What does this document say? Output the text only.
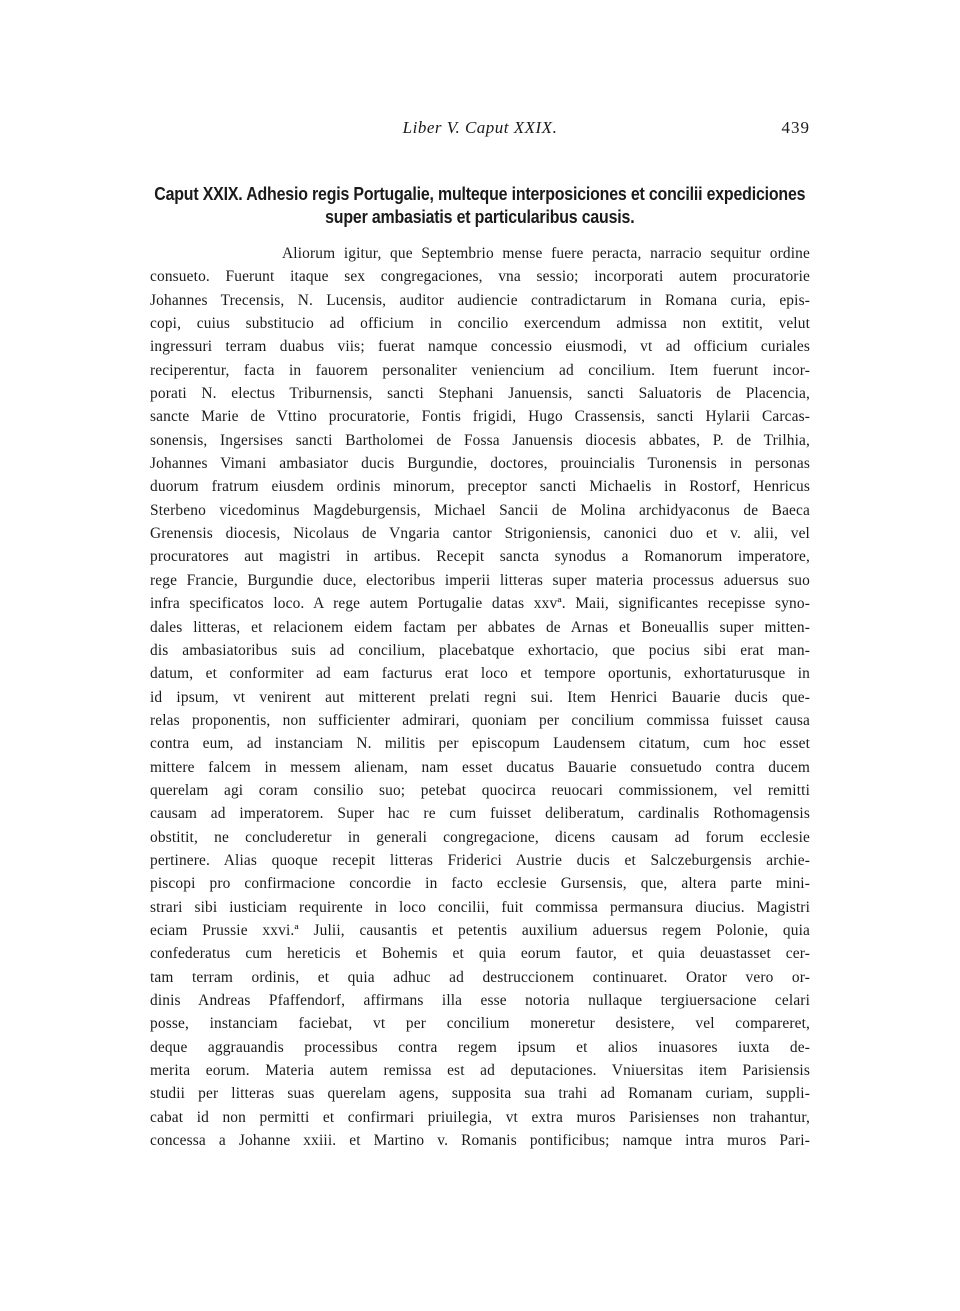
Liber V. Caput XXIX.	439
Caput XXIX. Adhesio regis Portugalie, multeque interposiciones et concilii expediciones
super ambasiatis et particularibus causis.
Aliorum igitur, que Septembrio mense fuere peracta, narracio sequitur ordine
consueto. Fuerunt itaque sex congregaciones, vna sessio; incorporati autem procuratorie
Johannes Trecensis, N. Lucensis, auditor audiencie contradictarum in Romana curia, epis-
copi, cuius substitucio ad officium in concilio exercendum admissa non extitit, velut
ingressuri terram duabus viis; fuerat namque concessio eiusmodi, vt ad officium curiales
reciperentur, facta in fauorem personaliter veniencium ad concilium. Item fuerunt incor-
porati N. electus Triburnensis, sancti Stephani Januensis, sancti Saluatoris de Placencia,
sancte Marie de Vttino procuratorie, Fontis frigidi, Hugo Crassensis, sancti Hylarii Carcas-
sonensis, Ingersises sancti Bartholomei de Fossa Januensis diocesis abbates, P. de Trilhia,
Johannes Vimani ambasiator ducis Burgundie, doctores, prouincialis Turonensis in personas
duorum fratrum eiusdem ordinis minorum, preceptor sancti Michaelis in Rostorf, Henricus
Sterbeno vicedominus Magdeburgensis, Michael Sancii de Molina archidyaconus de Baeca
Grenensis diocesis, Nicolaus de Vngaria cantor Strigoniensis, canonici duo et v. alii, vel
procuratores aut magistri in artibus. Recepit sancta synodus a Romanorum imperatore,
rege Francie, Burgundie duce, electoribus imperii litteras super materia processus aduersus suo
infra specificatos loco. A rege autem Portugalie datas xxvª. Maii, significantes recepisse syno-
dales litteras, et relacionem eidem factam per abbates de Arnas et Boneuallis super mitten-
dis ambasiatoribus suis ad concilium, placebatque exhortacio, que pocius sibi erat man-
datum, et conformiter ad eam facturus erat loco et tempore oportunis, exhortaturusque in
id ipsum, vt venirent aut mitterent prelati regni sui. Item Henrici Bauarie ducis que-
relas proponentis, non sufficienter admirari, quoniam per concilium commissa fuisset causa
contra eum, ad instanciam N. militis per episcopum Laudensem citatum, cum hoc esset
mittere falcem in messem alienam, nam esset ducatus Bauarie consuetudo contra ducem
querelam agi coram consilio suo; petebat quocirca reuocari commissionem, vel remitti
causam ad imperatorem. Super hac re cum fuisset deliberatum, cardinalis Rothomagensis
obstitit, ne concluderetur in generali congregacione, dicens causam ad forum ecclesie
pertinere. Alias quoque recepit litteras Friderici Austrie ducis et Salczeburgensis archie-
piscopi pro confirmacione concordie in facto ecclesie Gursensis, que, altera parte mini-
strari sibi iusticiam requirente in loco concilii, fuit commissa permansura diucius. Magistri
eciam Prussie xxvi.ª Julii, causantis et petentis auxilium aduersus regem Polonie, quia
confederatus cum hereticis et Bohemis et quia eorum fautor, et quia deuastasset cer-
tam terram ordinis, et quia adhuc ad destruccionem continuaret. Orator vero or-
dinis Andreas Pfaffendorf, affirmans illa esse notoria nullaque tergiuersacione celari
posse, instanciam faciebat, vt per concilium moneretur desistere, vel compareret,
deque aggrauandis processibus contra regem ipsum et alios inuasores iuxta de-
merita eorum. Materia autem remissa est ad deputaciones. Vniuersitas item Parisiensis
studii per litteras suas querelam agens, supposita sua trahi ad Romanam curiam, suppli-
cabat id non permitti et confirmari priuilegia, vt extra muros Parisienses non trahantur,
concessa a Johanne xxiii. et Martino v. Romanis pontificibus; namque intra muros Pari-
